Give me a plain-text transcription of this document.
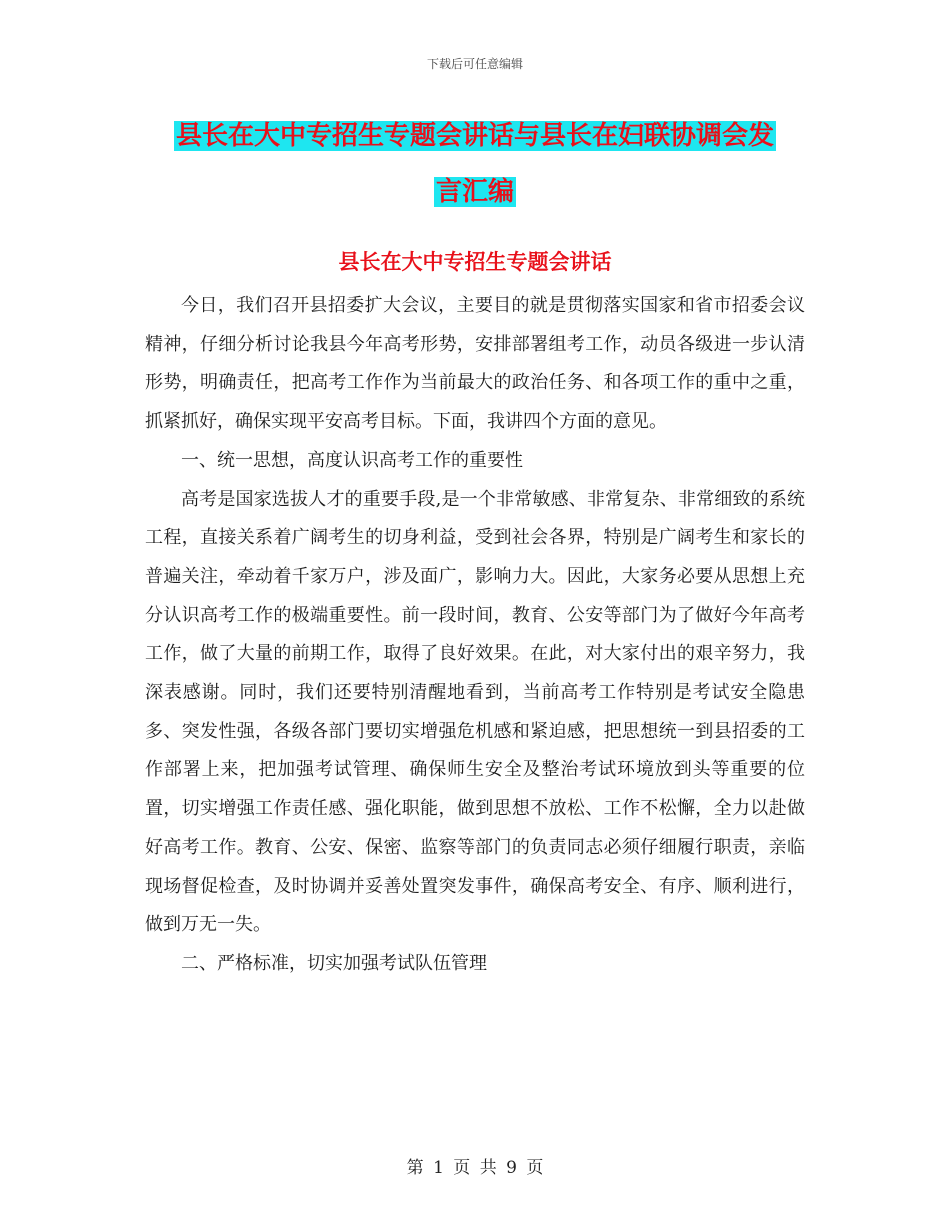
下载后可任意编辑
县长在大中专招生专题会讲话与县长在妇联协调会发
言汇编
县长在大中专招生专题会讲话

今日，我们召开县招委扩大会议，主要目的就是贯彻落实国家和省市招委会议精神，仔细分析讨论我县今年高考形势，安排部署组考工作，动员各级进一步认清形势，明确责任，把高考工作作为当前最大的政治任务、和各项工作的重中之重，抓紧抓好，确保实现平安高考目标。下面，我讲四个方面的意见。

一、统一思想，高度认识高考工作的重要性

高考是国家选拔人才的重要手段,是一个非常敏感、非常复杂、非常细致的系统工程，直接关系着广阔考生的切身利益，受到社会各界，特别是广阔考生和家长的普遍关注，牵动着千家万户，涉及面广，影响力大。因此，大家务必要从思想上充分认识高考工作的极端重要性。前一段时间，教育、公安等部门为了做好今年高考工作，做了大量的前期工作，取得了良好效果。在此，对大家付出的艰辛努力，我深表感谢。同时，我们还要特别清醒地看到，当前高考工作特别是考试安全隐患多、突发性强，各级各部门要切实增强危机感和紧迫感，把思想统一到县招委的工作部署上来，把加强考试管理、确保师生安全及整治考试环境放到头等重要的位置，切实增强工作责任感、强化职能，做到思想不放松、工作不松懈，全力以赴做好高考工作。教育、公安、保密、监察等部门的负责同志必须仔细履行职责，亲临现场督促检查，及时协调并妥善处置突发事件，确保高考安全、有序、顺利进行，做到万无一失。

二、严格标准，切实加强考试队伍管理

第 1 页 共 9 页
